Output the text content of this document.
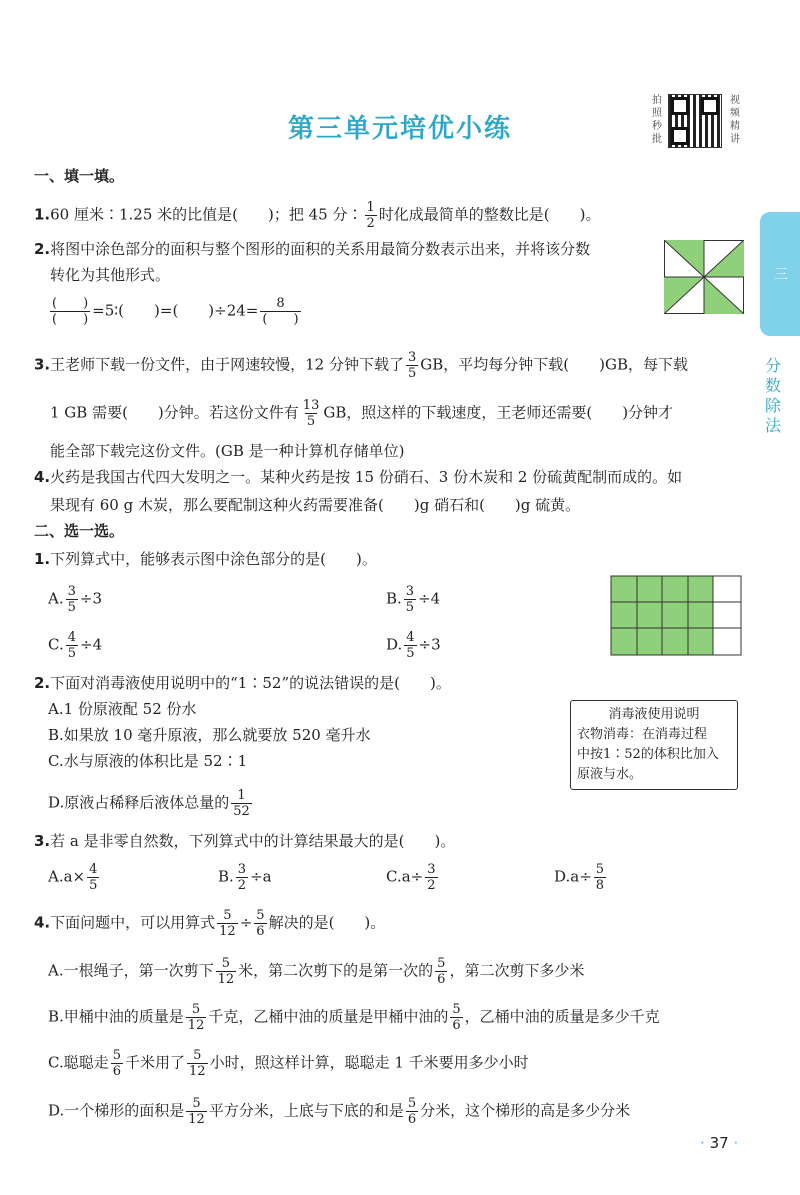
第三单元培优小练
拍照秒批
视频精讲
三
分数除法
一、填一填。
1.60 厘米∶1.25 米的比值是(　　)；把 45 分∶ $\frac{1}{2}$ 时化成最简单的整数比是(　　)。
2.将图中涂色部分的面积与整个图形的面积的关系用最简分数表示出来，并将该分数
转化为其他形式。
$\frac{( )}{( )}$ =5∶(　　)=(　　)$\div 24= \frac{8}{( )}$
3.王老师下载一份文件，由于网速较慢，12 分钟下载了 $\frac{3}{5}$ GB，平均每分钟下载(　　)GB，每下载
1 GB 需要(　　)分钟。若这份文件有 $\frac{13}{5}$ GB，照这样的下载速度，王老师还需要(　　)分钟才
能全部下载完这份文件。(GB 是一种计算机存储单位)
4.火药是我国古代四大发明之一。某种火药是按 15 份硝石、3 份木炭和 2 份硫黄配制而成的。如
果现有 60 g 木炭，那么要配制这种火药需要准备(　　)g 硝石和(　　)g 硫黄。
二、选一选。
1.下列算式中，能够表示图中涂色部分的是(　　)。
A. $\frac{3}{5} \div 3$	B. $\frac{3}{5} \div 4$
C. $\frac{4}{5} \div 4$	D. $\frac{4}{5} \div 3$
2.下面对消毒液使用说明中的“1∶52”的说法错误的是(　　)。
A.1 份原液配 52 份水
B.如果放 10 毫升原液，那么就要放 520 毫升水
C.水与原液的体积比是 52∶1
D.原液占稀释后液体总量的 $\frac{1}{52}$
消毒液使用说明
衣物消毒：在消毒过程
中按1∶52的体积比加入
原液与水。
3.若 a 是非零自然数，下列算式中的计算结果最大的是(　　)。
$A.a\times \frac{4}{5}$	B. $\frac{3}{2} \div a$	$C.a\div \frac{3}{2}$	$D.a\div \frac{5}{8}$
4.下面问题中，可以用算式 $\frac{5}{12} \div \frac{5}{6}$ 解决的是(　　)。
A.一根绳子，第一次剪下 $\frac{5}{12}$ 米，第二次剪下的是第一次的 $\frac{5}{6}$ ，第二次剪下多少米
B.甲桶中油的质量是 $\frac{5}{12}$ 千克，乙桶中油的质量是甲桶中油的 $\frac{5}{6}$ ，乙桶中油的质量是多少千克
C.聪聪走 $\frac{5}{6}$ 千米用了 $\frac{5}{12}$ 小时，照这样计算，聪聪走 1 千米要用多少小时
D.一个梯形的面积是 $\frac{5}{12}$ 平方分米，上底与下底的和是 $\frac{5}{6}$ 分米，这个梯形的高是多少分米
· 37 ·
